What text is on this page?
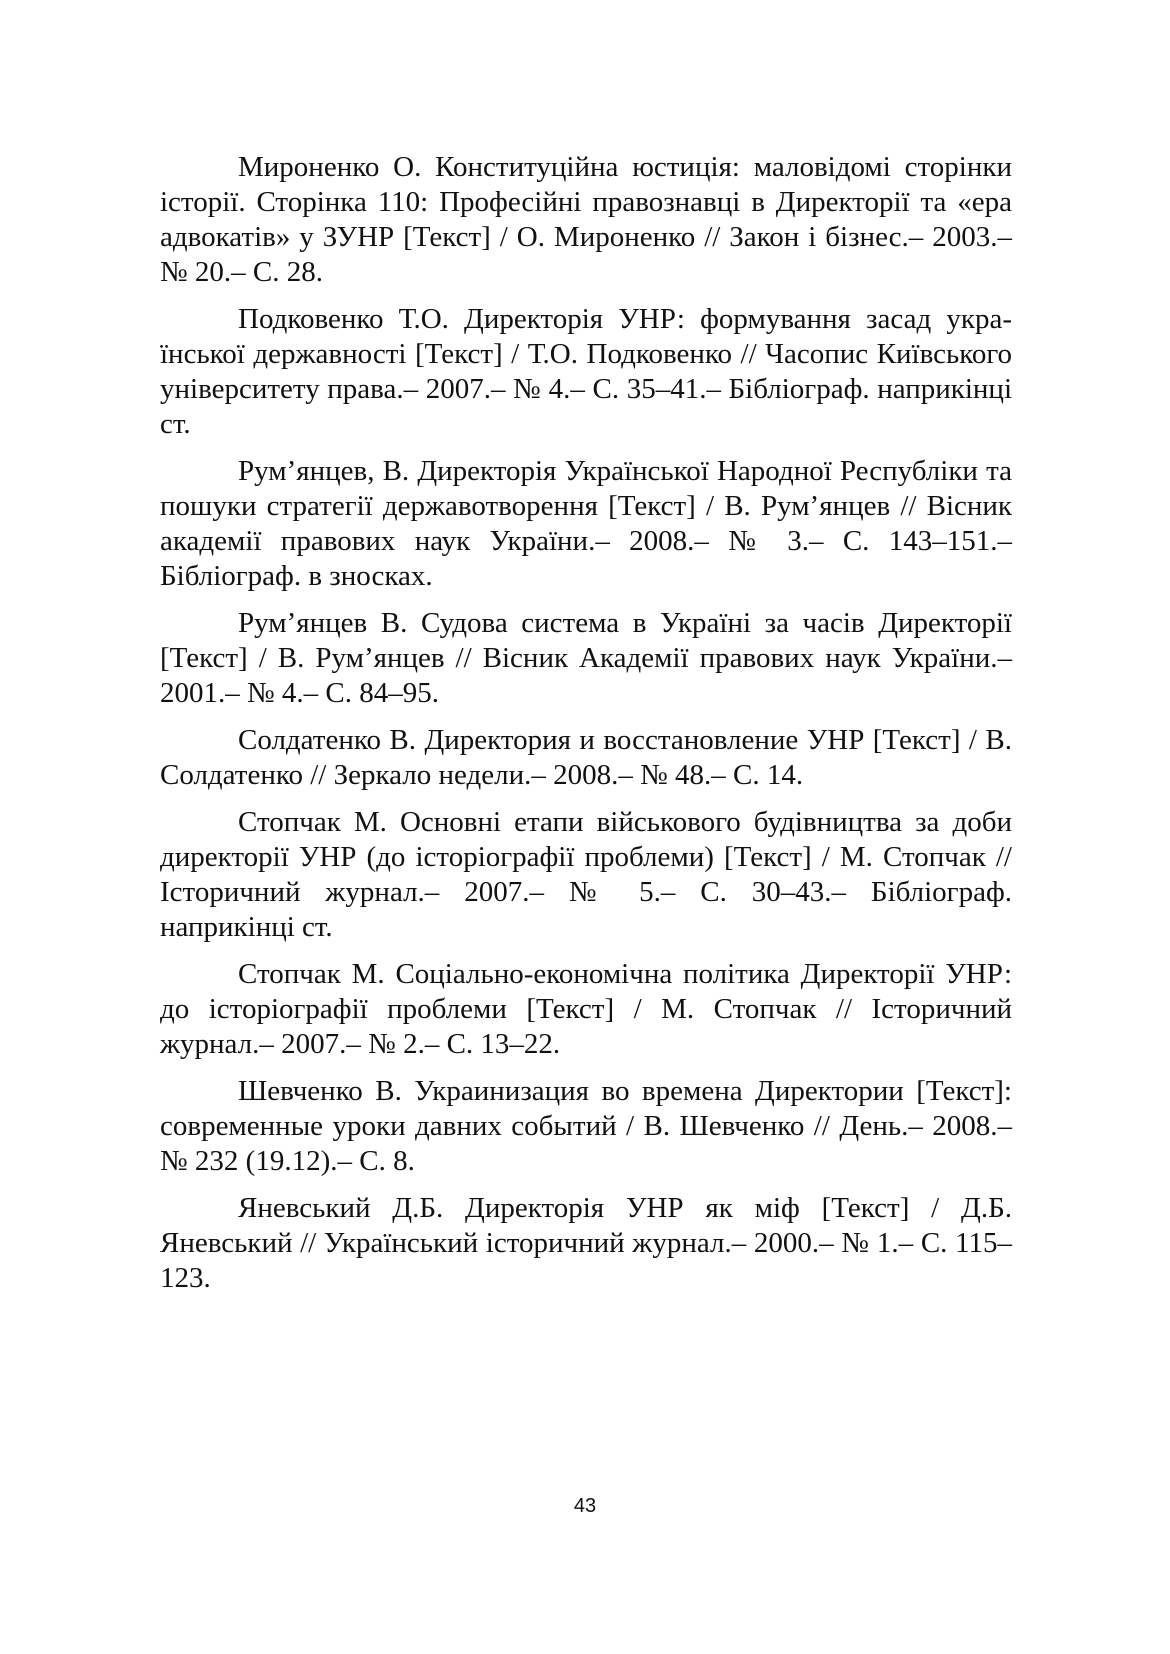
Мироненко О. Конституційна юстиція: маловідомі сторінки історії. Сторінка 110: Професійні правознавці в Директорії та «ера адвокатів» у ЗУНР [Текст] / О. Мироненко // Закон і бізнес.– 2003.– № 20.– С. 28.

Подковенко Т.О. Директорія УНР: формування засад української державності [Текст] / Т.О. Подковенко // Часопис Київського університету права.– 2007.– № 4.– С. 35–41.– Бібліограф. наприкінці ст.

Рум’янцев, В. Директорія Української Народної Республіки та пошуки стратегії державотворення [Текст] / В. Рум’янцев // Вісник академії правових наук України.– 2008.– № 3.– С. 143–151.– Бібліограф. в зносках.

Рум’янцев В. Судова система в Україні за часів Директорії [Текст] / В. Рум’янцев // Вісник Академії правових наук України.– 2001.– № 4.– С. 84–95.

Солдатенко В. Директория и восстановление УНР [Текст] / В. Солдатенко // Зеркало недели.– 2008.– № 48.– С. 14.

Стопчак М. Основні етапи військового будівництва за доби директорії УНР (до історіографії проблеми) [Текст] / М. Стопчак // Історичний журнал.– 2007.– № 5.– С. 30–43.– Бібліограф. наприкінці ст.

Стопчак М. Соціально-економічна політика Директорії УНР: до історіографії проблеми [Текст] / М. Стопчак // Історичний журнал.– 2007.– № 2.– С. 13–22.

Шевченко В. Украинизация во времена Директории [Текст]: современные уроки давних событий / В. Шевченко // День.– 2008.– № 232 (19.12).– С. 8.

Яневський Д.Б. Директорія УНР як міф [Текст] / Д.Б. Яневський // Український історичний журнал.– 2000.– № 1.– С. 115–123.

43
